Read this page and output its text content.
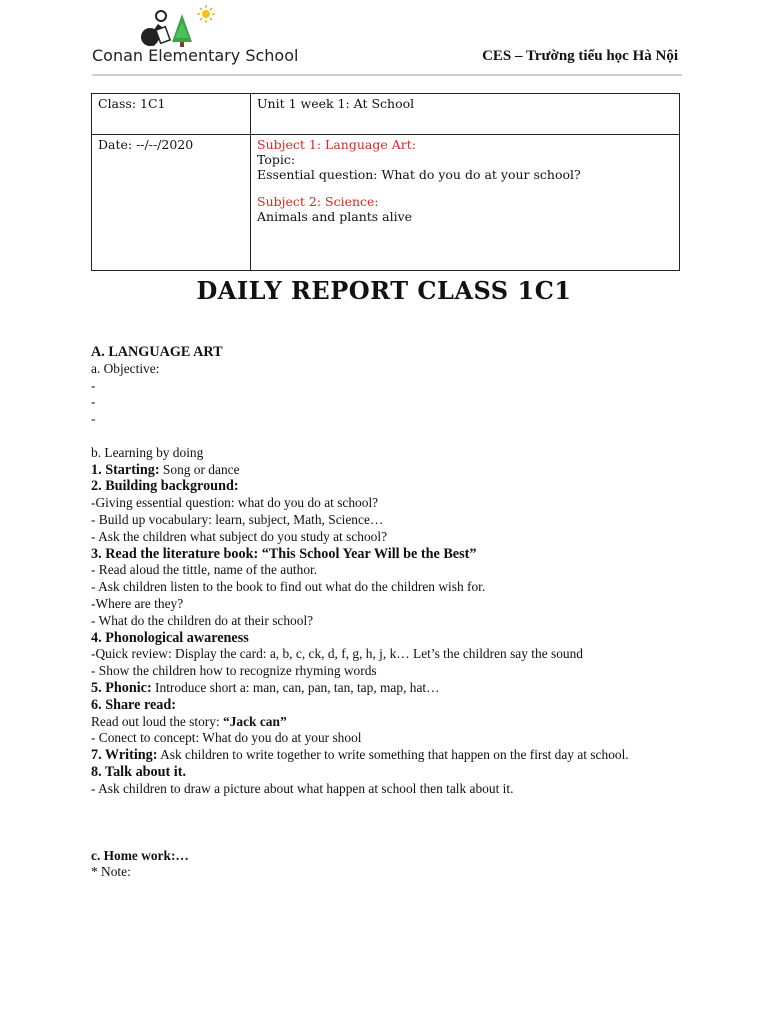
Conan Elementary School	CES – Trường tiểu học Hà Nội
Class: 1C1	Unit 1 week 1: At School
Date: --/--/2020	Subject 1: Language Art:
Topic:
Essential question: What do you do at your school?
Subject 2: Science:
Animals and plants alive
DAILY REPORT CLASS 1C1
A. LANGUAGE ART
a. Objective:
-
-
-
b. Learning by doing
1. Starting: Song or dance
2. Building background:
-Giving essential question: what do you do at school?
- Build up vocabulary: learn, subject, Math, Science…
- Ask the children what subject do you study at school?
3. Read the literature book: “This School Year Will be the Best”
- Read aloud the tittle, name of the author.
- Ask children listen to the book to find out what do the children wish for.
-Where are they?
- What do the children do at their school?
4. Phonological awareness
-Quick review: Display the card: a, b, c, ck, d, f, g, h, j, k… Let’s the children say the sound
- Show the children how to recognize rhyming words
5. Phonic: Introduce short a: man, can, pan, tan, tap, map, hat…
6. Share read:
Read out loud the story: “Jack can”
- Conect to concept: What do you do at your shool
7. Writing: Ask children to write together to write something that happen on the first day at school.
8. Talk about it.
- Ask children to draw a picture about what happen at school then talk about it.
c. Home work:…
* Note:
